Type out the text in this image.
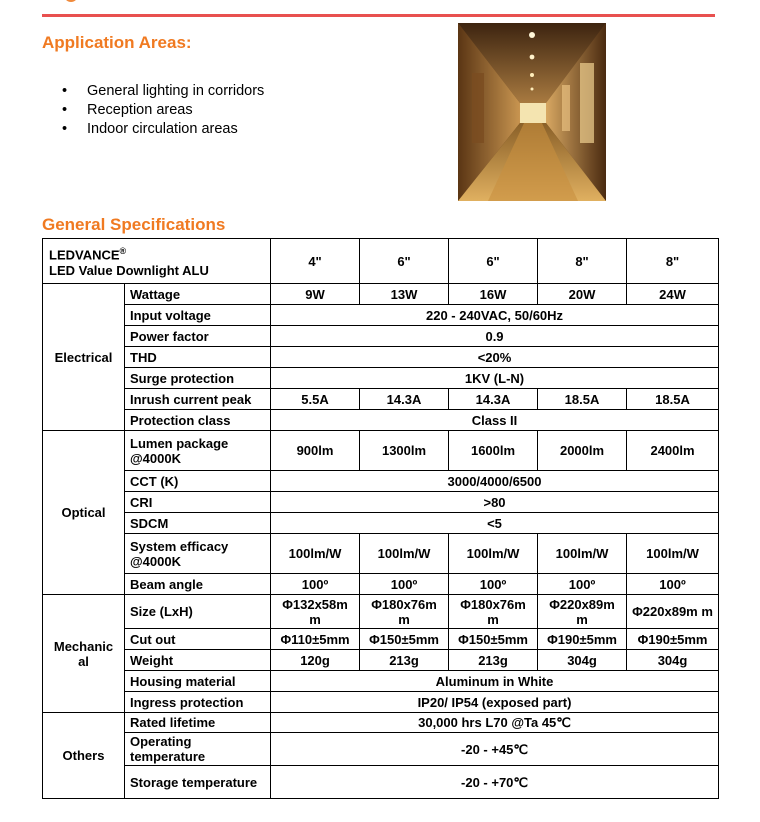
Application Areas:
• General lighting in corridors
• Reception areas
• Indoor circulation areas
General Specifications
LEDVANCE®
LED Value Downlight ALU		4"	6"	6"	8"	8"
Electrical	Wattage	9W	13W	16W	20W	24W
	Input voltage	220 - 240VAC, 50/60Hz				
	Power factor	0.9				
	THD	<20%				
	Surge protection	1KV (L-N)				
	Inrush current peak	5.5A	14.3A	14.3A	18.5A	18.5A
	Protection class	Class II				
Optical	Lumen package @4000K	900lm	1300lm	1600lm	2000lm	2400lm
	CCT (K)	3000/4000/6500				
	CRI	>80				
	SDCM	<5				
	System efficacy @4000K	100lm/W	100lm/W	100lm/W	100lm/W	100lm/W
	Beam angle	100º	100º	100º	100º	100º
Mechanic al	Size (LxH)	Φ132x58m m	Φ180x76m m	Φ180x76m m	Φ220x89m m	Φ220x89m m
	Cut out	Φ110±5mm	Φ150±5mm	Φ150±5mm	Φ190±5mm	Φ190±5mm
	Weight	120g	213g	213g	304g	304g
	Housing material	Aluminum in White				
	Ingress protection	IP20/ IP54 (exposed part)				
Others	Rated lifetime	30,000 hrs L70 @Ta 45℃				
	Operating temperature	-20 - +45℃				
	Storage temperature	-20 - +70℃				
